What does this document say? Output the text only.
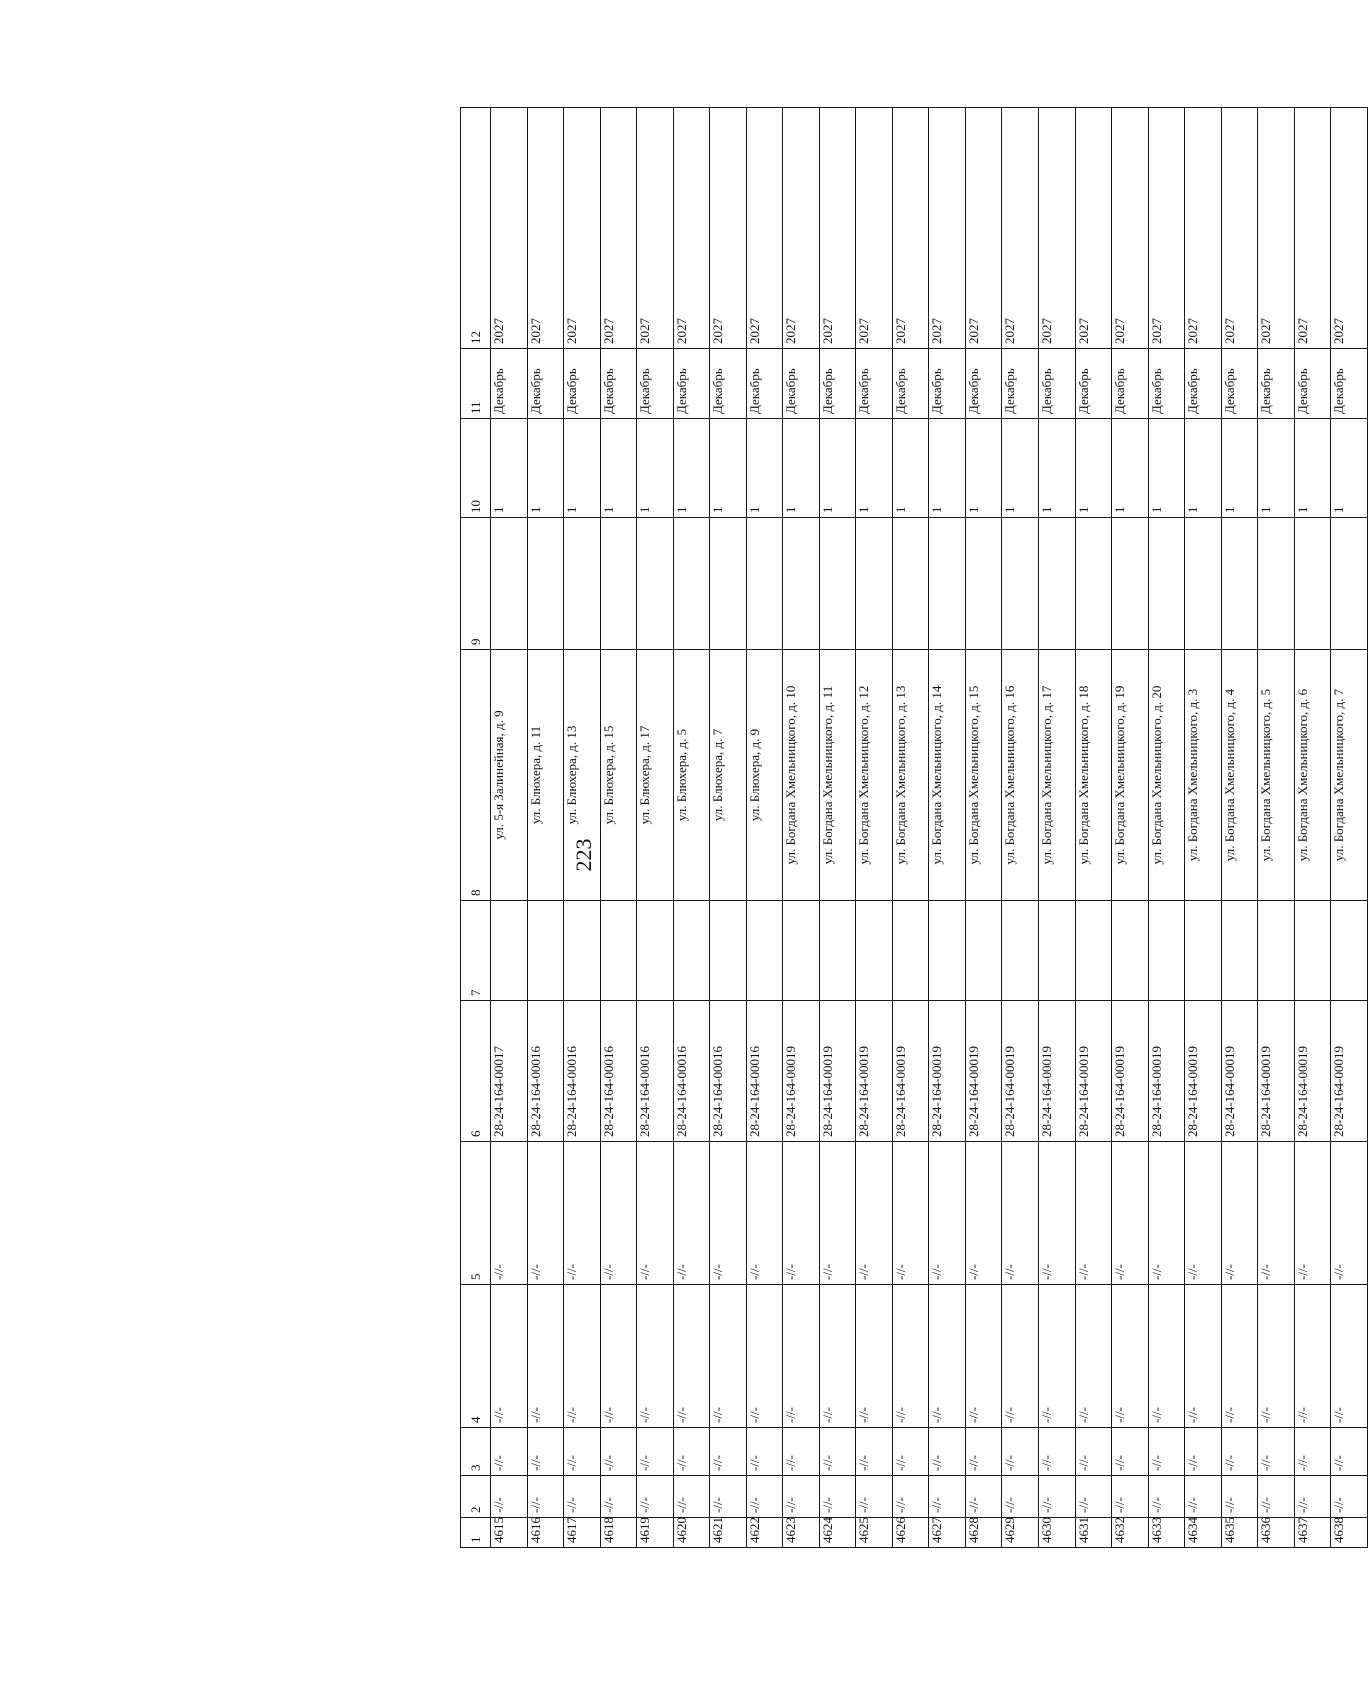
223
1	2	3	4	5	6	7	8	9	10	11	12
4615	-//-	-//-	-//-	-//-	28-24-164-00017		ул. 5-я Залинейная, д. 9		1	Декабрь	2027
4616	-//-	-//-	-//-	-//-	28-24-164-00016		ул. Блюхера, д. 11		1	Декабрь	2027
4617	-//-	-//-	-//-	-//-	28-24-164-00016		ул. Блюхера, д. 13		1	Декабрь	2027
4618	-//-	-//-	-//-	-//-	28-24-164-00016		ул. Блюхера, д. 15		1	Декабрь	2027
4619	-//-	-//-	-//-	-//-	28-24-164-00016		ул. Блюхера, д. 17		1	Декабрь	2027
4620	-//-	-//-	-//-	-//-	28-24-164-00016		ул. Блюхера, д. 5		1	Декабрь	2027
4621	-//-	-//-	-//-	-//-	28-24-164-00016		ул. Блюхера, д. 7		1	Декабрь	2027
4622	-//-	-//-	-//-	-//-	28-24-164-00016		ул. Блюхера, д. 9		1	Декабрь	2027
4623	-//-	-//-	-//-	-//-	28-24-164-00019		ул. Богдана Хмельницкого, д. 10		1	Декабрь	2027
4624	-//-	-//-	-//-	-//-	28-24-164-00019		ул. Богдана Хмельницкого, д. 11		1	Декабрь	2027
4625	-//-	-//-	-//-	-//-	28-24-164-00019		ул. Богдана Хмельницкого, д. 12		1	Декабрь	2027
4626	-//-	-//-	-//-	-//-	28-24-164-00019		ул. Богдана Хмельницкого, д. 13		1	Декабрь	2027
4627	-//-	-//-	-//-	-//-	28-24-164-00019		ул. Богдана Хмельницкого, д. 14		1	Декабрь	2027
4628	-//-	-//-	-//-	-//-	28-24-164-00019		ул. Богдана Хмельницкого, д. 15		1	Декабрь	2027
4629	-//-	-//-	-//-	-//-	28-24-164-00019		ул. Богдана Хмельницкого, д. 16		1	Декабрь	2027
4630	-//-	-//-	-//-	-//-	28-24-164-00019		ул. Богдана Хмельницкого, д. 17		1	Декабрь	2027
4631	-//-	-//-	-//-	-//-	28-24-164-00019		ул. Богдана Хмельницкого, д. 18		1	Декабрь	2027
4632	-//-	-//-	-//-	-//-	28-24-164-00019		ул. Богдана Хмельницкого, д. 19		1	Декабрь	2027
4633	-//-	-//-	-//-	-//-	28-24-164-00019		ул. Богдана Хмельницкого, д. 20		1	Декабрь	2027
4634	-//-	-//-	-//-	-//-	28-24-164-00019		ул. Богдана Хмельницкого, д. 3		1	Декабрь	2027
4635	-//-	-//-	-//-	-//-	28-24-164-00019		ул. Богдана Хмельницкого, д. 4		1	Декабрь	2027
4636	-//-	-//-	-//-	-//-	28-24-164-00019		ул. Богдана Хмельницкого, д. 5		1	Декабрь	2027
4637	-//-	-//-	-//-	-//-	28-24-164-00019		ул. Богдана Хмельницкого, д. 6		1	Декабрь	2027
4638	-//-	-//-	-//-	-//-	28-24-164-00019		ул. Богдана Хмельницкого, д. 7		1	Декабрь	2027
